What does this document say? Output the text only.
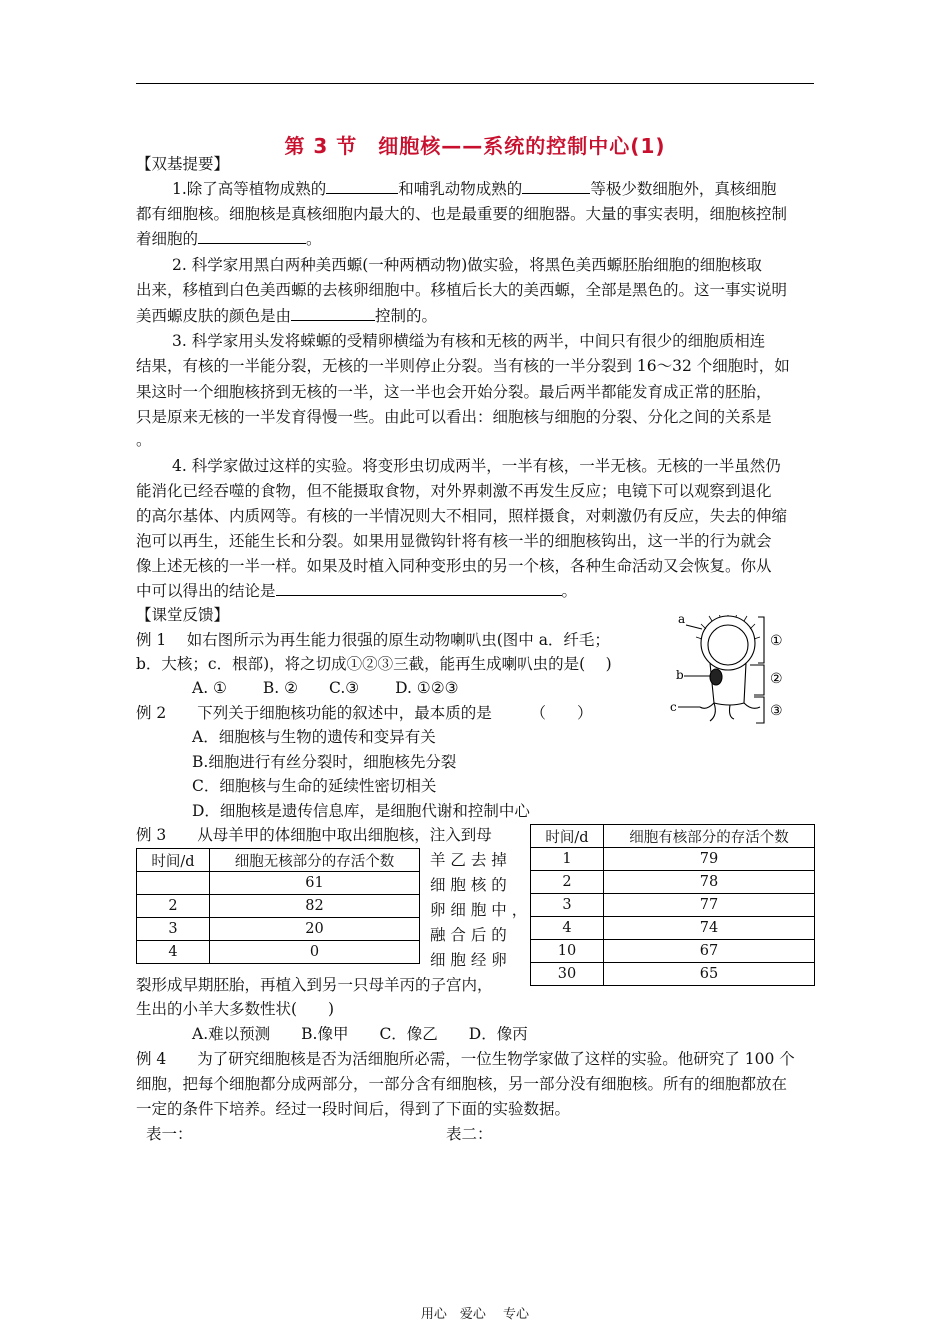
第 3 节　细胞核——系统的控制中心(1)
【双基提要】
1.除了高等植物成熟的	和哺乳动物成熟的	等极少数细胞外，真核细胞
都有细胞核。细胞核是真核细胞内最大的、也是最重要的细胞器。大量的事实表明，细胞核控制
着细胞的	。
2. 科学家用黑白两种美西螈(一种两栖动物)做实验，将黑色美西螈胚胎细胞的细胞核取
出来，移植到白色美西螈的去核卵细胞中。移植后长大的美西螈，全部是黑色的。这一事实说明
美西螈皮肤的颜色是由	控制的。
3. 科学家用头发将蝾螈的受精卵横缢为有核和无核的两半，中间只有很少的细胞质相连
结果，有核的一半能分裂，无核的一半则停止分裂。当有核的一半分裂到 16～32 个细胞时，如
果这时一个细胞核挤到无核的一半，这一半也会开始分裂。最后两半都能发育成正常的胚胎，
只是原来无核的一半发育得慢一些。由此可以看出：细胞核与细胞的分裂、分化之间的关系是
。
4. 科学家做过这样的实验。将变形虫切成两半，一半有核，一半无核。无核的一半虽然仍
能消化已经吞噬的食物，但不能摄取食物，对外界刺激不再发生反应；电镜下可以观察到退化
的高尔基体、内质网等。有核的一半情况则大不相同，照样摄食，对刺激仍有反应，失去的伸缩
泡可以再生，还能生长和分裂。如果用显微钩针将有核一半的细胞核钩出，这一半的行为就会
像上述无核的一半一样。如果及时植入同种变形虫的另一个核，各种生命活动又会恢复。你从
中可以得出的结论是	。
【课堂反馈】
例 1　 如右图所示为再生能力很强的原生动物喇叭虫(图中 a．纤毛；
b．大核；c．根部)，将之切成①②③三截，能再生成喇叭虫的是(　 )
A. ①　　 B. ②　　C.③　　 D. ①②③
a
b
c
①
②
③
例 2　　下列关于细胞核功能的叙述中，最本质的是　　　（　　）
A．细胞核与生物的遗传和变异有关
B.细胞进行有丝分裂时，细胞核先分裂
C．细胞核与生命的延续性密切相关
D．细胞核是遗传信息库，是细胞代谢和控制中心
例 3　　从母羊甲的体细胞中取出细胞核，注入到母
时间/d	细胞无核部分的存活个数
	61
2	82
3	20
4	0
羊 乙 去 掉
细 胞 核 的
卵 细 胞 中 ，
融 合 后 的
细 胞 经 卵
时间/d	细胞有核部分的存活个数
1	79
2	78
3	77
4	74
10	67
30	65
裂形成早期胚胎，再植入到另一只母羊丙的子宫内，
生出的小羊大多数性状(　　)
A.难以预测　　B.像甲　　C．像乙　　D．像丙
例 4　　为了研究细胞核是否为活细胞所必需，一位生物学家做了这样的实验。他研究了 100 个
细胞，把每个细胞都分成两部分，一部分含有细胞核，另一部分没有细胞核。所有的细胞都放在
一定的条件下培养。经过一段时间后，得到了下面的实验数据。
表一：	表二：
用心　爱心　 专心
